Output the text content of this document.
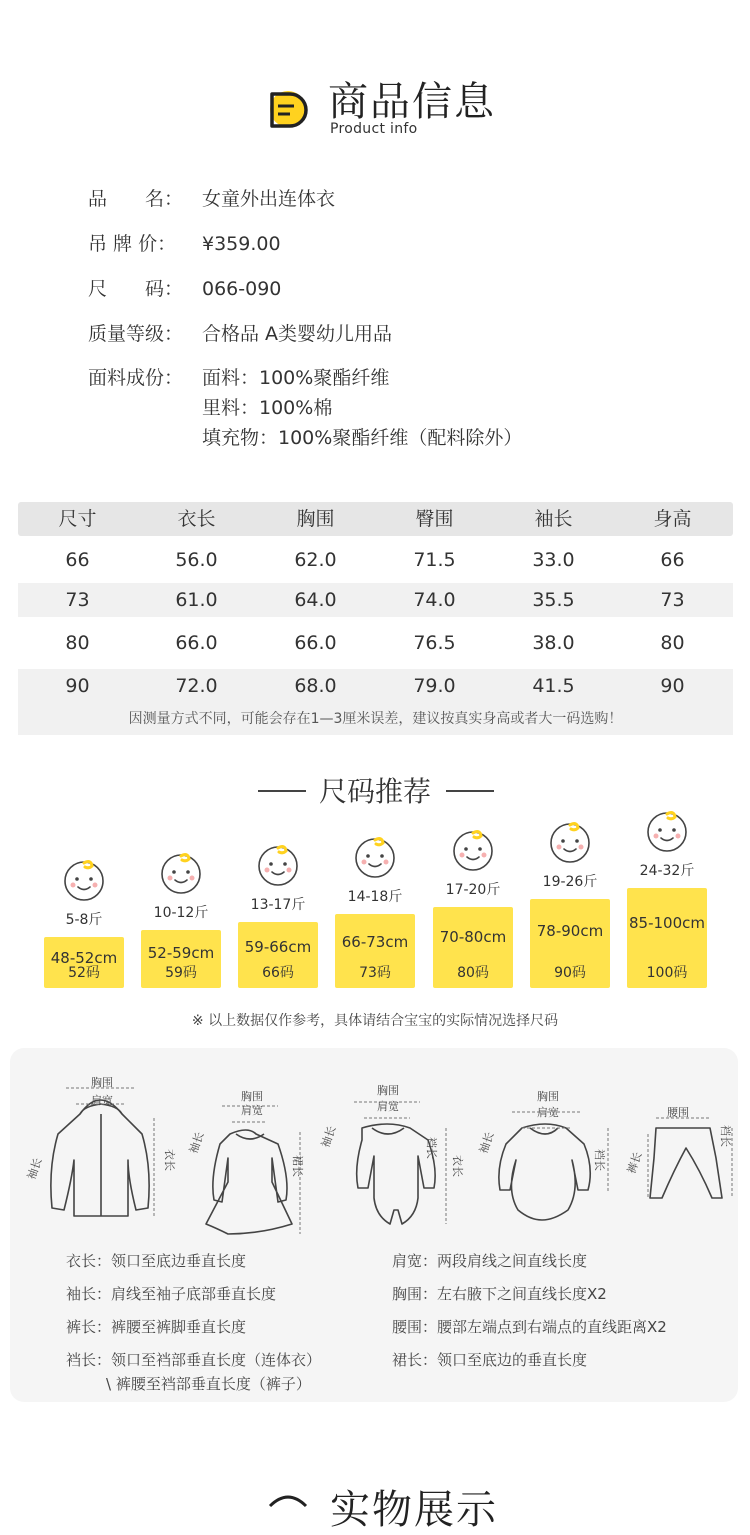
商品信息
Product info
品　　名： 女童外出连体衣
吊 牌 价：	¥359.00
尺　　码： 066-090
质量等级： 合格品 A类婴幼儿用品
面料成份： 面料：100%聚酯纤维
里料：100%棉
填充物：100%聚酯纤维（配料除外）
尺寸	衣长	胸围	臀围	袖长	身高
66	56.0	62.0	71.5	33.0	66
73	61.0	64.0	74.0	35.5	73
80	66.0	66.0	76.5	38.0	80
90	72.0	68.0	79.0	41.5	90
因测量方式不同，可能会存在1—3厘米误差，建议按真实身高或者大一码选购！
尺码推荐
5-8斤
48-52cm
52码
10-12斤
52-59cm
59码
13-17斤
59-66cm
66码
14-18斤
66-73cm
73码
17-20斤
70-80cm
80码
19-26斤
78-90cm
90码
24-32斤
85-100cm
100码
※ 以上数据仅作参考，具体请结合宝宝的实际情况选择尺码
胸围
肩宽	胸围
肩宽
胸围
肩宽
胸围
肩宽	腰围
袖长
袖长	袖长	袖长
衣长	裙长
裆长
衣长	裆长 裤长
裆长
衣长：领口至底边垂直长度
袖长：肩线至袖子底部垂直长度
裤长：裤腰至裤脚垂直长度
裆长：领口至裆部垂直长度（连体衣）
\ 裤腰至裆部垂直长度（裤子）
肩宽：两段肩线之间直线长度
胸围：左右腋下之间直线长度X2
腰围：腰部左端点到右端点的直线距离X2
裙长：领口至底边的垂直长度
实物展示
